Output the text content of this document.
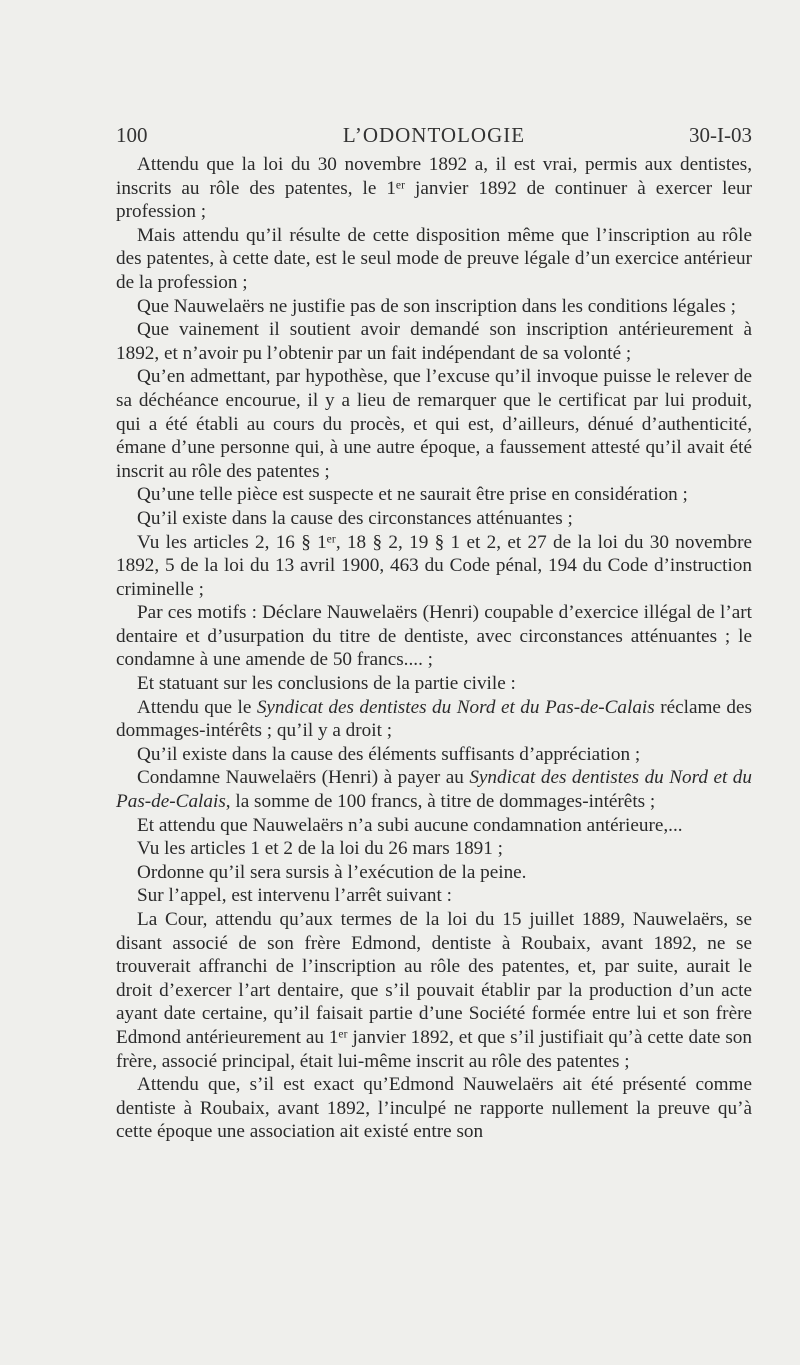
100	L’ODONTOLOGIE	30-I-03

Attendu que la loi du 30 novembre 1892 a, il est vrai, permis aux dentistes, inscrits au rôle des patentes, le 1ᵉʳ janvier 1892 de continuer à exercer leur profession ;

Mais attendu qu’il résulte de cette disposition même que l’inscription au rôle des patentes, à cette date, est le seul mode de preuve légale d’un exercice antérieur de la profession ;

Que Nauwelaërs ne justifie pas de son inscription dans les conditions légales ;

Que vainement il soutient avoir demandé son inscription antérieurement à 1892, et n’avoir pu l’obtenir par un fait indépendant de sa volonté ;

Qu’en admettant, par hypothèse, que l’excuse qu’il invoque puisse le relever de sa déchéance encourue, il y a lieu de remarquer que le certificat par lui produit, qui a été établi au cours du procès, et qui est, d’ailleurs, dénué d’authenticité, émane d’une personne qui, à une autre époque, a faussement attesté qu’il avait été inscrit au rôle des patentes ;

Qu’une telle pièce est suspecte et ne saurait être prise en considération ;

Qu’il existe dans la cause des circonstances atténuantes ;

Vu les articles 2, 16 § 1ᵉʳ, 18 § 2, 19 § 1 et 2, et 27 de la loi du 30 novembre 1892, 5 de la loi du 13 avril 1900, 463 du Code pénal, 194 du Code d’instruction criminelle ;

Par ces motifs : Déclare Nauwelaërs (Henri) coupable d’exercice illégal de l’art dentaire et d’usurpation du titre de dentiste, avec circonstances atténuantes ; le condamne à une amende de 50 francs.... ;

Et statuant sur les conclusions de la partie civile :

Attendu que le Syndicat des dentistes du Nord et du Pas-de-Calais réclame des dommages-intérêts ; qu’il y a droit ;

Qu’il existe dans la cause des éléments suffisants d’appréciation ;

Condamne Nauwelaërs (Henri) à payer au Syndicat des dentistes du Nord et du Pas-de-Calais, la somme de 100 francs, à titre de dommages-intérêts ;

Et attendu que Nauwelaërs n’a subi aucune condamnation antérieure,...

Vu les articles 1 et 2 de la loi du 26 mars 1891 ;

Ordonne qu’il sera sursis à l’exécution de la peine.

Sur l’appel, est intervenu l’arrêt suivant :

La Cour, attendu qu’aux termes de la loi du 15 juillet 1889, Nauwelaërs, se disant associé de son frère Edmond, dentiste à Roubaix, avant 1892, ne se trouverait affranchi de l’inscription au rôle des patentes, et, par suite, aurait le droit d’exercer l’art dentaire, que s’il pouvait établir par la production d’un acte ayant date certaine, qu’il faisait partie d’une Société formée entre lui et son frère Edmond antérieurement au 1ᵉʳ janvier 1892, et que s’il justifiait qu’à cette date son frère, associé principal, était lui-même inscrit au rôle des patentes ;

Attendu que, s’il est exact qu’Edmond Nauwelaërs ait été présenté comme dentiste à Roubaix, avant 1892, l’inculpé ne rapporte nullement la preuve qu’à cette époque une association ait existé entre son
